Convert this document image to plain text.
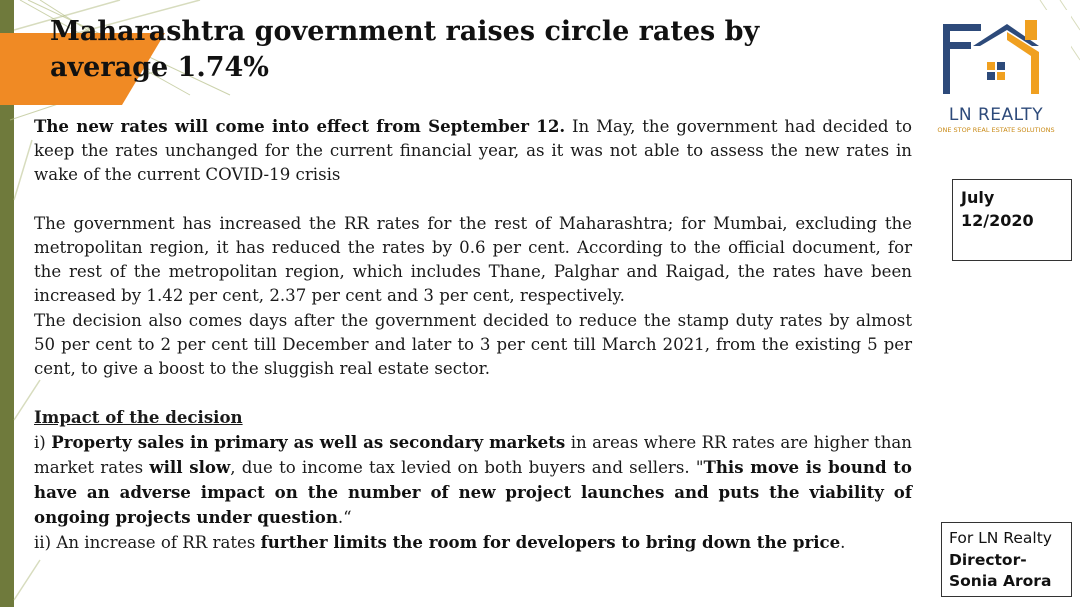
Maharashtra government raises circle rates by average 1.74%

The new rates will come into effect from September 12. In May, the government had decided to keep the rates unchanged for the current financial year, as it was not able to assess the new rates in wake of the current COVID-19 crisis

The government has increased the RR rates for the rest of Maharashtra; for Mumbai, excluding the metropolitan region, it has reduced the rates by 0.6 per cent. According to the official document, for the rest of the metropolitan region, which includes Thane, Palghar and Raigad, the rates have been increased by 1.42 per cent, 2.37 per cent and 3 per cent, respectively.

The decision also comes days after the government decided to reduce the stamp duty rates by almost 50 per cent to 2 per cent till December and later to 3 per cent till March 2021, from the existing 5 per cent, to give a boost to the sluggish real estate sector.

Impact of the decision

i) Property sales in primary as well as secondary markets in areas where RR rates are higher than market rates will slow, due to income tax levied on both buyers and sellers. "This move is bound to have an adverse impact on the number of new project launches and puts the viability of ongoing projects under question.“

ii) An increase of RR rates further limits the room for developers to bring down the price.

LN REALTY
ONE STOP REAL ESTATE SOLUTIONS
July
12/2020
For LN Realty
Director-
Sonia Arora
